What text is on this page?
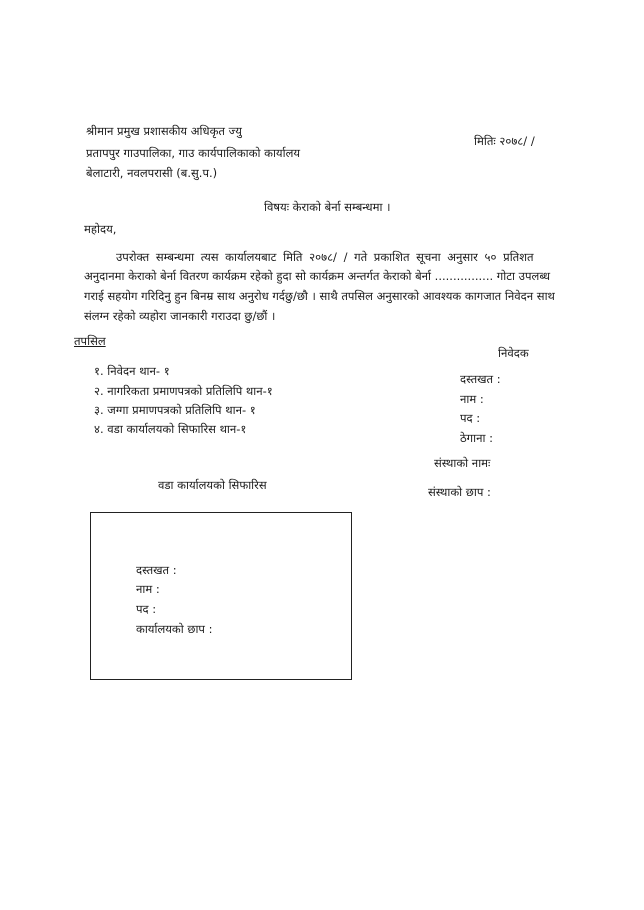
श्रीमान प्रमुख प्रशासकीय अधिकृत ज्यु
प्रतापपुर गाउपालिका, गाउ कार्यपालिकाको कार्यालय
बेलाटारी, नवलपरासी (ब.सु.प.)
मितिः २०७८/ /
विषयः केराको बेर्ना सम्बन्धमा ।
महोदय,
उपरोक्त सम्बन्धमा त्यस कार्यालयबाट मिति २०७८/ / गते प्रकाशित सूचना अनुसार ५० प्रतिशत
अनुदानमा केराको बेर्ना वितरण कार्यक्रम रहेको हुदा सो कार्यक्रम अन्तर्गत केराको बेर्ना ................ गोटा उपलब्ध
गराई सहयोग गरिदिनु हुन बिनम्र साथ अनुरोध गर्दछु/छौ । साथै तपसिल अनुसारको आवश्यक कागजात निवेदन साथ
संलग्न रहेको व्यहोरा जानकारी गराउदा छु/छौं ।
तपसिल
निवेदक
१. निवेदन थान- १
२. नागरिकता प्रमाणपत्रको प्रतिलिपि थान-१
३. जग्गा प्रमाणपत्रको प्रतिलिपि थान- १
४. वडा कार्यालयको सिफारिस थान-१
दस्तखत :
नाम :
पद :
ठेगाना :
संस्थाको नामः
संस्थाको छाप :
वडा कार्यालयको सिफारिस
दस्तखत :
नाम :
पद :
कार्यालयको छाप :
